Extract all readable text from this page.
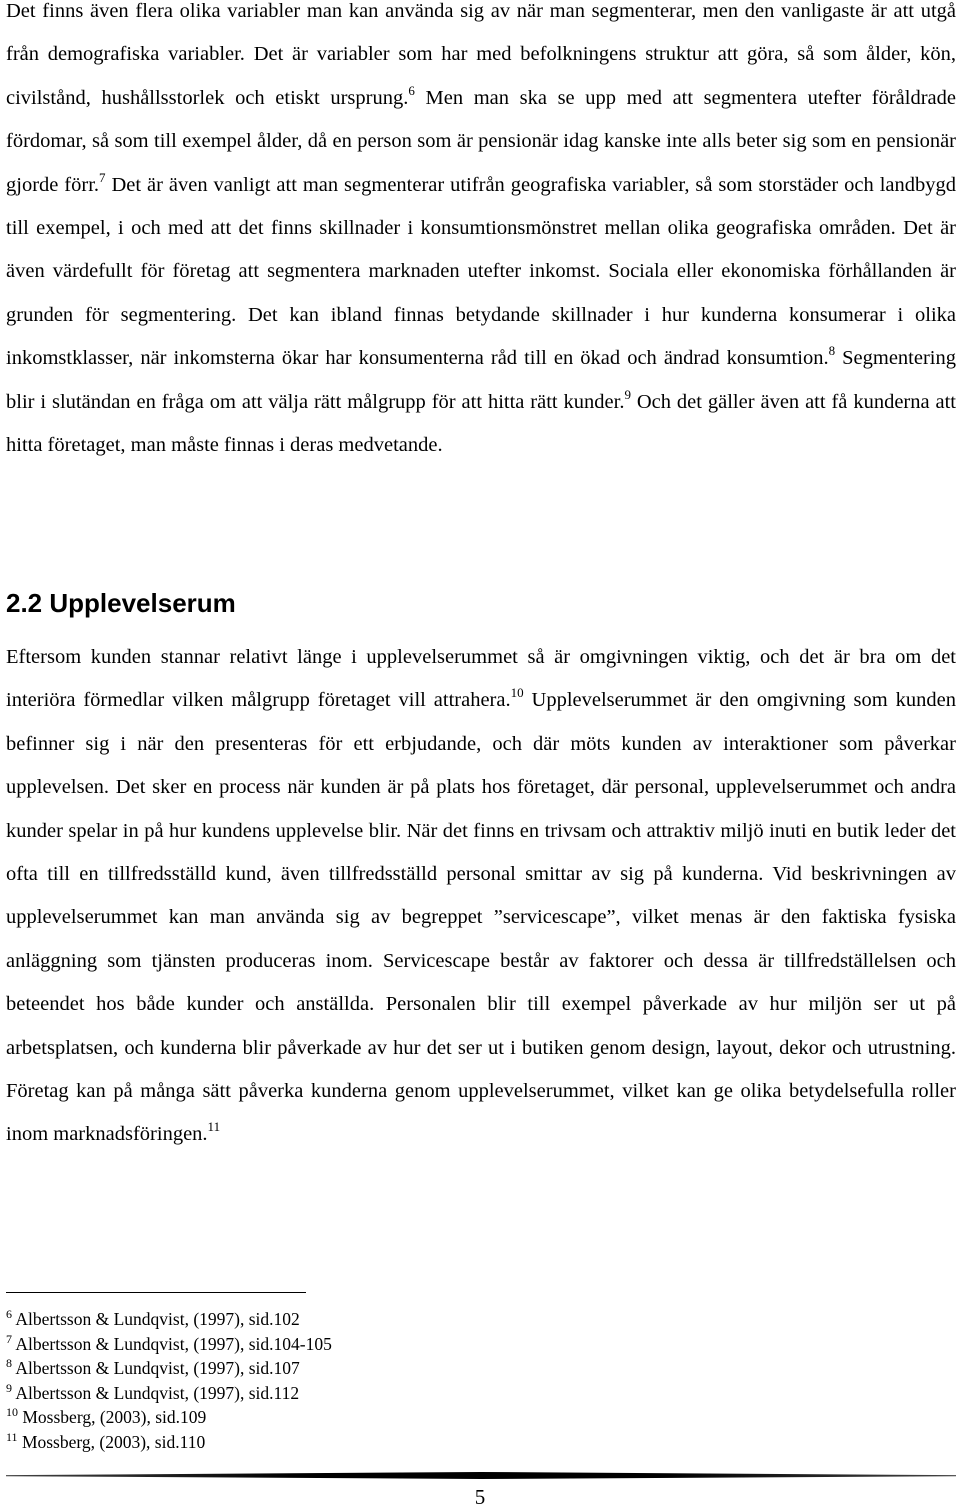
Det finns även flera olika variabler man kan använda sig av när man segmenterar, men den vanligaste är att utgå från demografiska variabler. Det är variabler som har med befolkningens struktur att göra, så som ålder, kön, civilstånd, hushållsstorlek och etiskt ursprung.$^6$ Men man ska se upp med att segmentera utefter föråldrade fördomar, så som till exempel ålder, då en person som är pensionär idag kanske inte alls beter sig som en pensionär gjorde förr.$^7$ Det är även vanligt att man segmenterar utifrån geografiska variabler, så som storstäder och landbygd till exempel, i och med att det finns skillnader i konsumtionsmönstret mellan olika geografiska områden. Det är även värdefullt för företag att segmentera marknaden utefter inkomst. Sociala eller ekonomiska förhållanden är grunden för segmentering. Det kan ibland finnas betydande skillnader i hur kunderna konsumerar i olika inkomstklasser, när inkomsterna ökar har konsumenterna råd till en ökad och ändrad konsumtion.$^8$ Segmentering blir i slutändan en fråga om att välja rätt målgrupp för att hitta rätt kunder.$^9$ Och det gäller även att få kunderna att hitta företaget, man måste finnas i deras medvetande.

2.2 Upplevelserum

Eftersom kunden stannar relativt länge i upplevelserummet så är omgivningen viktig, och det är bra om det interiöra förmedlar vilken målgrupp företaget vill attrahera.$^{10}$ Upplevelserummet är den omgivning som kunden befinner sig i när den presenteras för ett erbjudande, och där möts kunden av interaktioner som påverkar upplevelsen. Det sker en process när kunden är på plats hos företaget, där personal, upplevelserummet och andra kunder spelar in på hur kundens upplevelse blir. När det finns en trivsam och attraktiv miljö inuti en butik leder det ofta till en tillfredsställd kund, även tillfredsställd personal smittar av sig på kunderna. Vid beskrivningen av upplevelserummet kan man använda sig av begreppet ”servicescape”, vilket menas är den faktiska fysiska anläggning som tjänsten produceras inom. Servicescape består av faktorer och dessa är tillfredställelsen och beteendet hos både kunder och anställda. Personalen blir till exempel påverkade av hur miljön ser ut på arbetsplatsen, och kunderna blir påverkade av hur det ser ut i butiken genom design, layout, dekor och utrustning. Företag kan på många sätt påverka kunderna genom upplevelserummet, vilket kan ge olika betydelsefulla roller inom marknadsföringen.$^{11}$

$^6$ Albertsson & Lundqvist, (1997), sid.102
$^7$ Albertsson & Lundqvist, (1997), sid.104-105
$^8$ Albertsson & Lundqvist, (1997), sid.107
$^9$ Albertsson & Lundqvist, (1997), sid.112
$^{10}$ Mossberg, (2003), sid.109
$^{11}$ Mossberg, (2003), sid.110
5
